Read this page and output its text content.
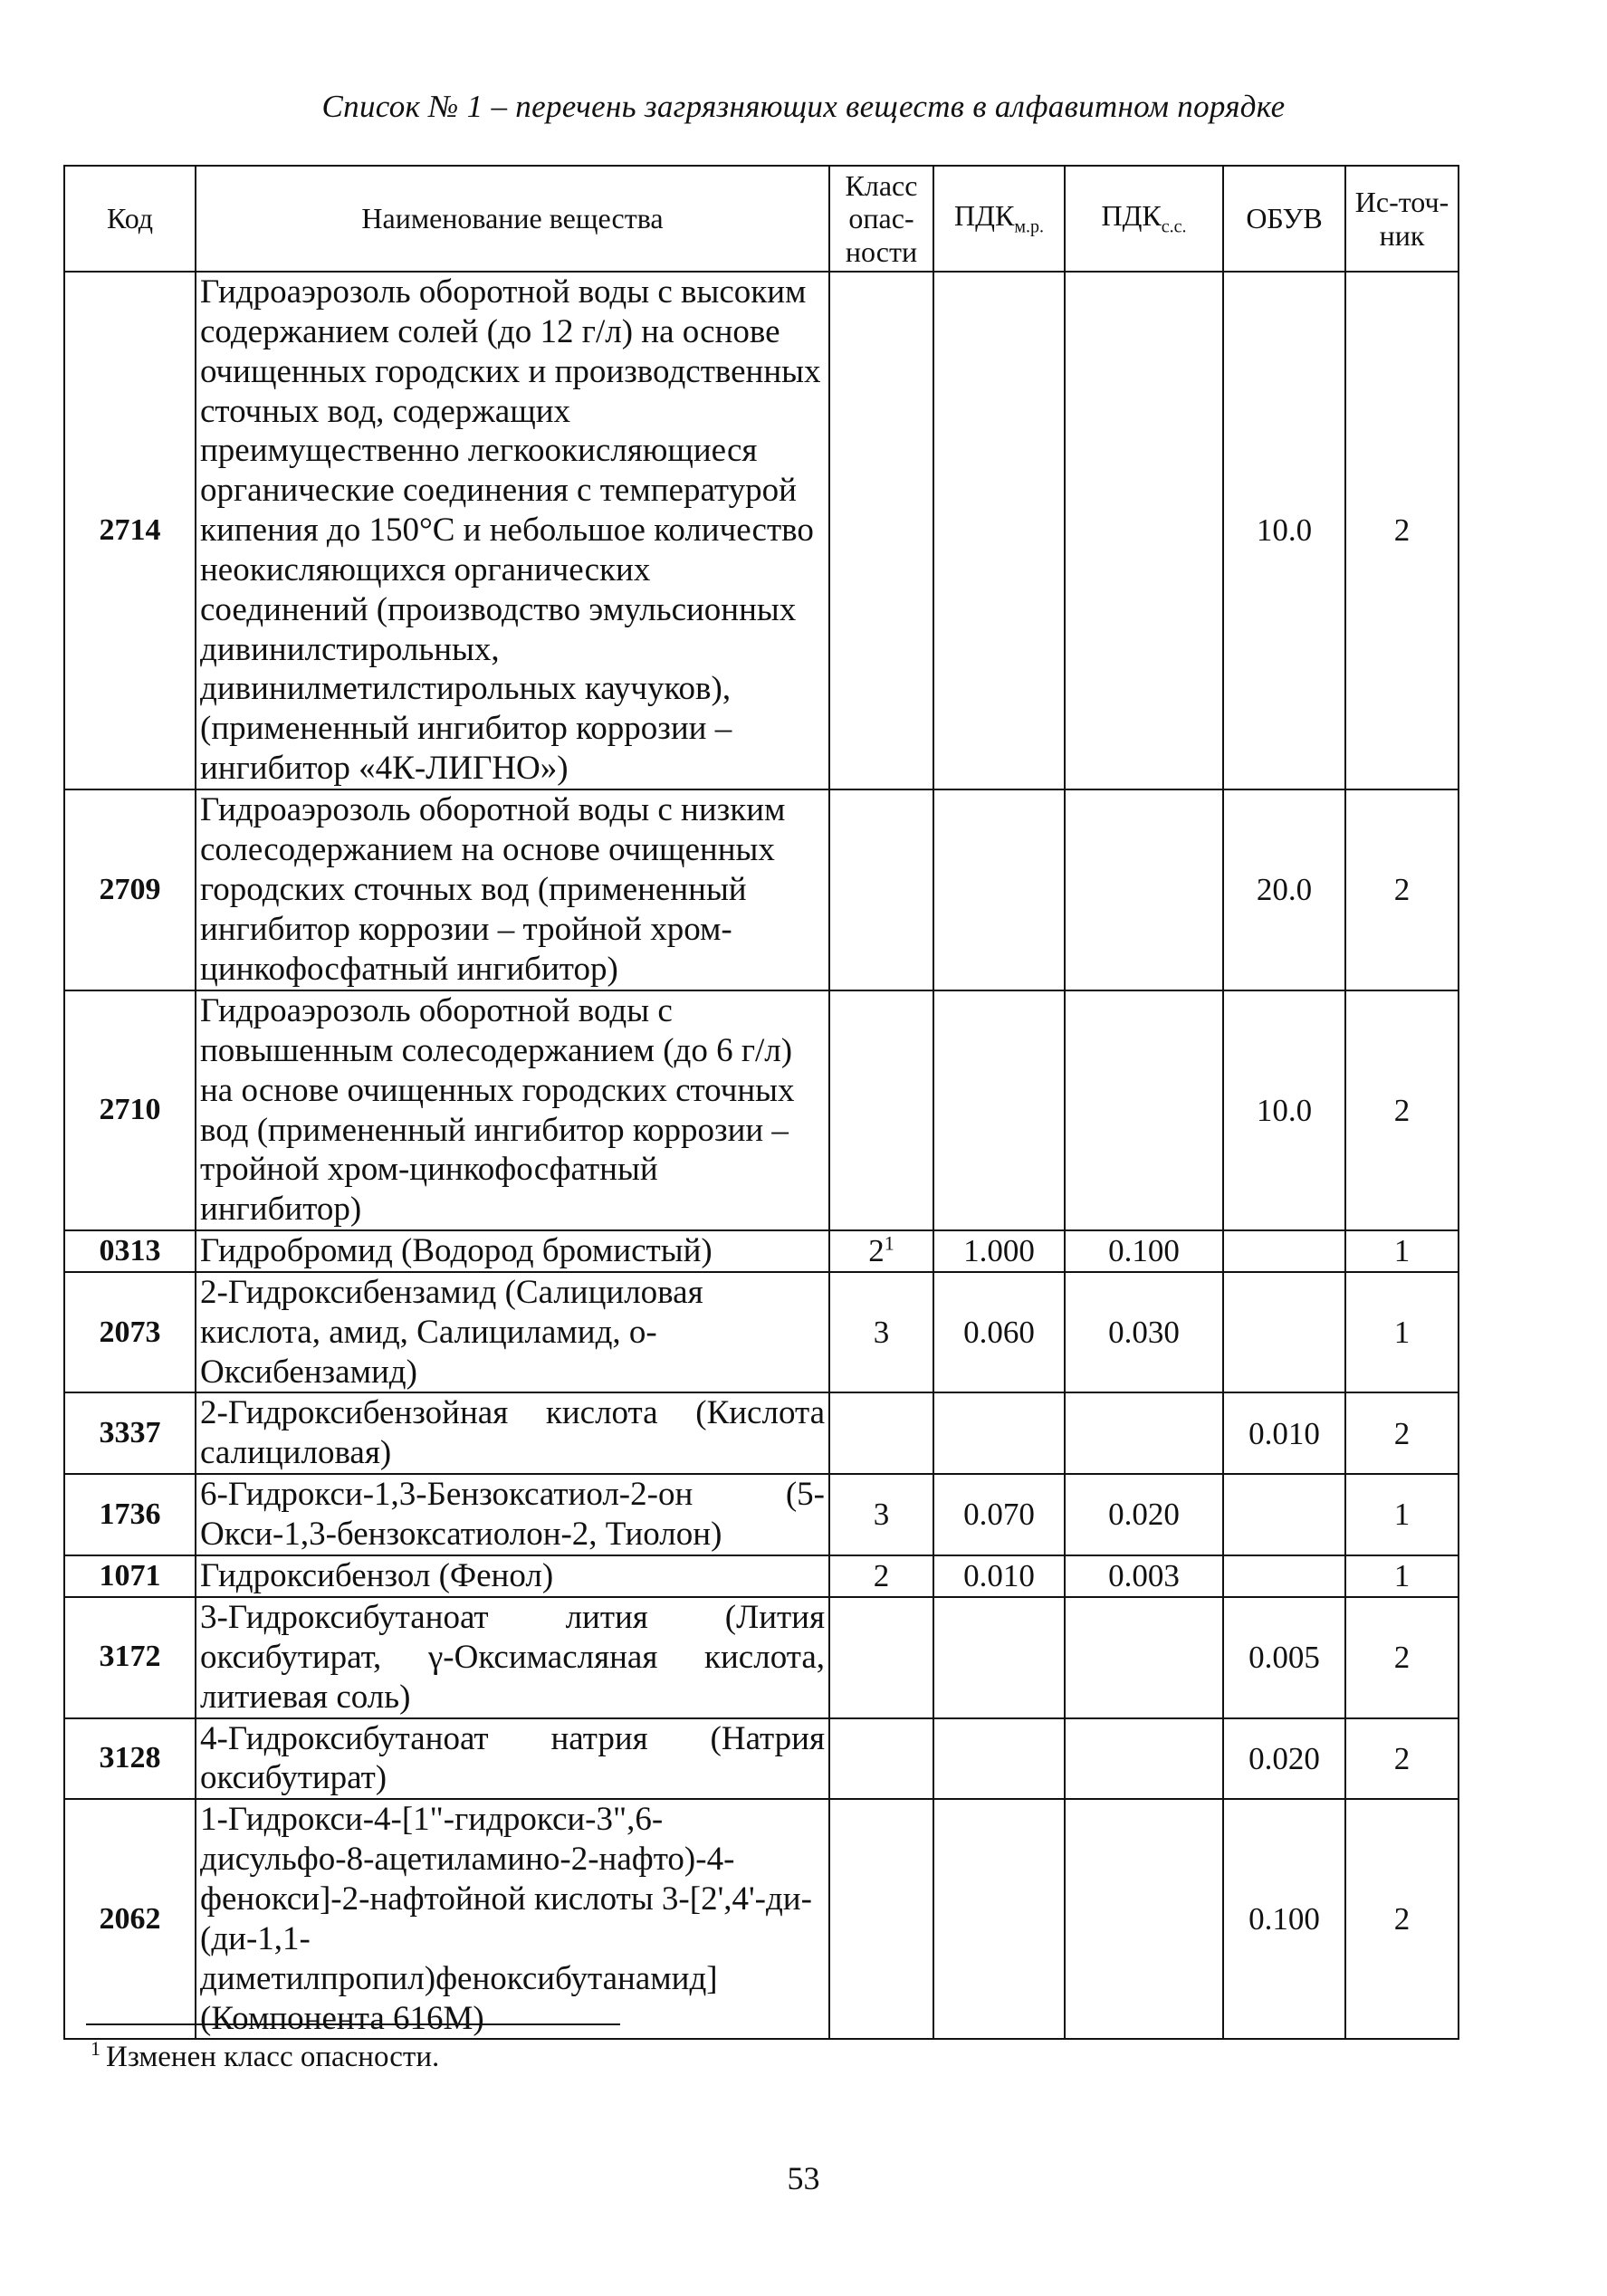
Список № 1 – перечень загрязняющих веществ в алфавитном порядке
Код	Наименование вещества	Класс опас-ности	$ПДК_{м.р.}$	$ПДК_{с.с.}$	ОБУВ	Ис-точ-ник
2714	Гидроаэрозоль оборотной воды с высоким содержанием солей (до 12 г/л) на основе очищенных городских и производственных сточных вод, содержащих преимущественно легкоокисляющиеся органические соединения с температурой кипения до 150°С и небольшое количество неокисляющихся органических соединений (производство эмульсионных дивинилстирольных, дивинилметилстирольных каучуков), (примененный ингибитор коррозии – ингибитор «4К-ЛИГНО»)				10.0	2
2709	Гидроаэрозоль оборотной воды с низким солесодержанием на основе очищенных городских сточных вод (примененный ингибитор коррозии – тройной хром-цинкофосфатный ингибитор)				20.0	2
2710	Гидроаэрозоль оборотной воды с повышенным солесодержанием (до 6 г/л) на основе очищенных городских сточных вод (примененный ингибитор коррозии – тройной хром-цинкофосфатный ингибитор)				10.0	2
0313	Гидробромид (Водород бромистый)	2$^1$	1.000	0.100		1
2073	2-Гидроксибензамид (Салициловая кислота, амид, Салициламид, о-Оксибензамид)	3	0.060	0.030		1
3337	2-Гидроксибензойная кислота (Кислота салициловая)				0.010	2
1736	6-Гидрокси-1,3-Бензоксатиол-2-он (5-Окси-1,3-бензоксатиолон-2, Тиолон)	3	0.070	0.020		1
1071	Гидроксибензол (Фенол)	2	0.010	0.003		1
3172	3-Гидроксибутаноат лития (Лития оксибутират, γ-Оксимасляная кислота, литиевая соль)				0.005	2
3128	4-Гидроксибутаноат натрия (Натрия оксибутират)				0.020	2
2062	1-Гидрокси-4-[1"-гидрокси-3",6-дисульфо-8-ацетиламино-2-нафто)-4-фенокси]-2-нафтойной кислоты 3-[2',4'-ди-(ди-1,1-диметилпропил)феноксибутанамид] (Компонента 616М)				0.100	2
$^1$ Изменен класс опасности.
53
